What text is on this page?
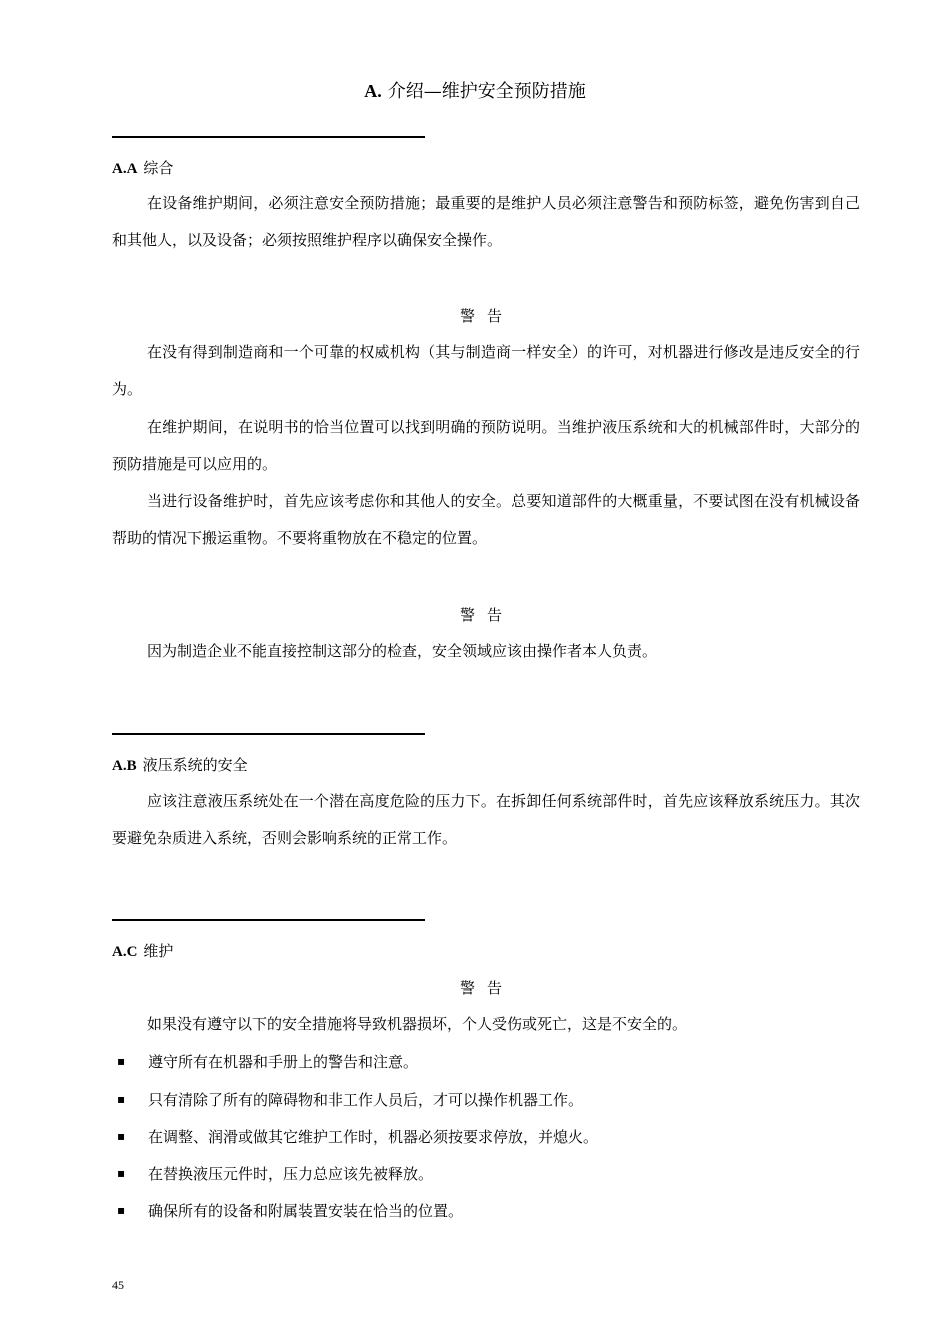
A. 介绍—维护安全预防措施
A.A 综合
在设备维护期间，必须注意安全预防措施；最重要的是维护人员必须注意警告和预防标签，避免伤害到自己和其他人，以及设备；必须按照维护程序以确保安全操作。
警告
在没有得到制造商和一个可靠的权威机构（其与制造商一样安全）的许可，对机器进行修改是违反安全的行为。
在维护期间，在说明书的恰当位置可以找到明确的预防说明。当维护液压系统和大的机械部件时，大部分的预防措施是可以应用的。
当进行设备维护时，首先应该考虑你和其他人的安全。总要知道部件的大概重量，不要试图在没有机械设备帮助的情况下搬运重物。不要将重物放在不稳定的位置。
警告
因为制造企业不能直接控制这部分的检查，安全领域应该由操作者本人负责。
A.B 液压系统的安全
应该注意液压系统处在一个潜在高度危险的压力下。在拆卸任何系统部件时，首先应该释放系统压力。其次要避免杂质进入系统，否则会影响系统的正常工作。
A.C 维护
警告
如果没有遵守以下的安全措施将导致机器损坏，个人受伤或死亡，这是不安全的。
▪ 遵守所有在机器和手册上的警告和注意。
▪ 只有清除了所有的障碍物和非工作人员后，才可以操作机器工作。
▪ 在调整、润滑或做其它维护工作时，机器必须按要求停放，并熄火。
▪ 在替换液压元件时，压力总应该先被释放。
▪ 确保所有的设备和附属装置安装在恰当的位置。
45
